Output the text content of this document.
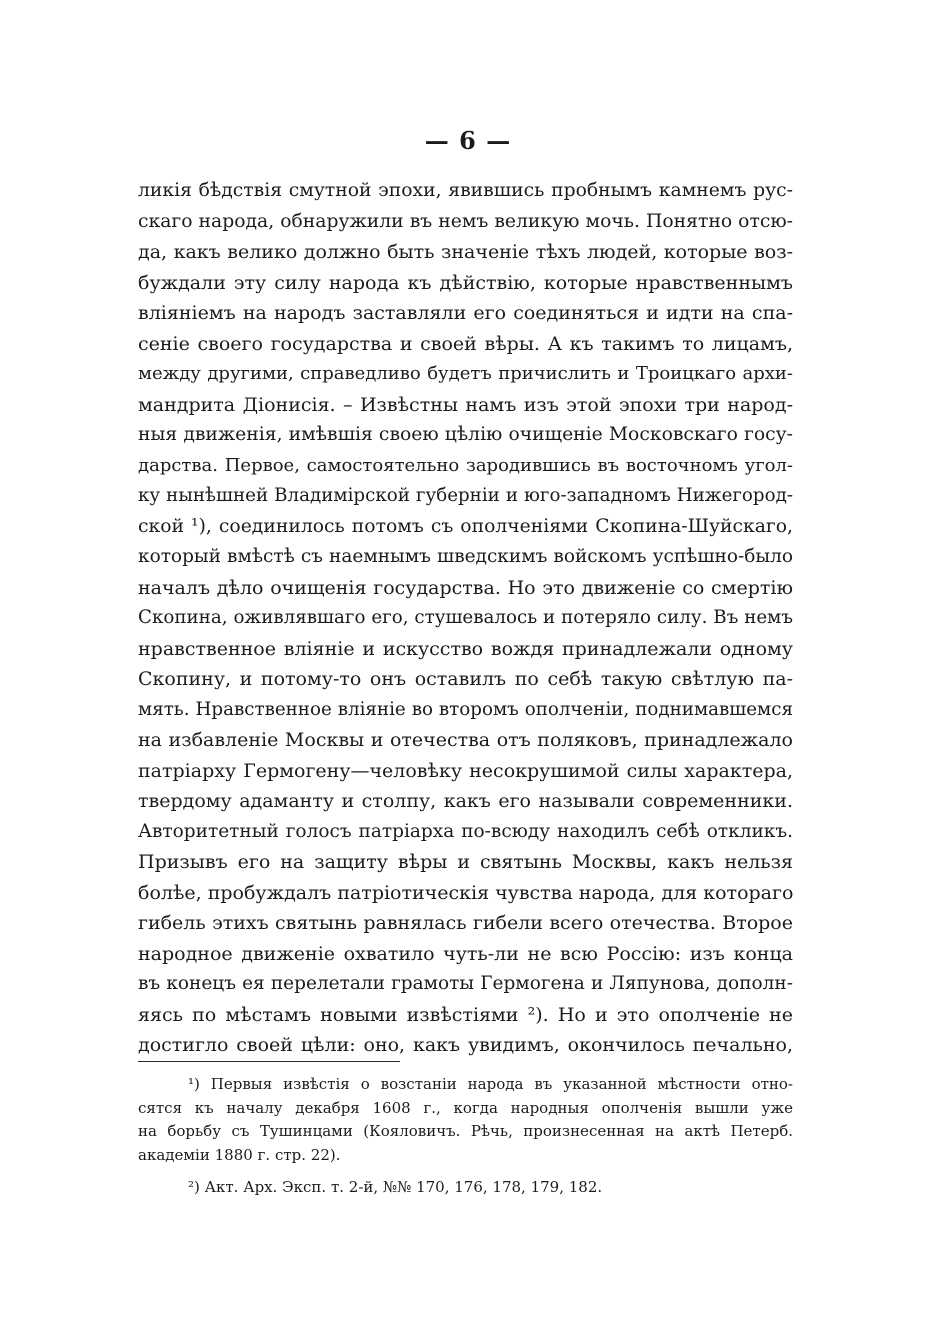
— 6 —
ликія бѣдствія смутной эпохи, явившись пробнымъ камнемъ рус-
скаго народа, обнаружили въ немъ великую мочь. Понятно отсю-
да, какъ велико должно быть значеніе тѣхъ людей, которые воз-
буждали эту силу народа къ дѣйствію, которые нравственнымъ
вліяніемъ на народъ заставляли его соединяться и идти на спа-
сеніе своего государства и своей вѣры. А къ такимъ то лицамъ,
между другими, справедливо будетъ причислить и Троицкаго архи-
мандрита Діонисія. – Извѣстны намъ изъ этой эпохи три народ-
ныя движенія, имѣвшія своею цѣлію очищеніе Московскаго госу-
дарства. Первое, самостоятельно зародившись въ восточномъ угол-
ку нынѣшней Владимірской губерніи и юго-западномъ Нижегород-
ской ¹), соединилось потомъ съ ополченіями Скопина-Шуйскаго,
который вмѣстѣ съ наемнымъ шведскимъ войскомъ успѣшно-было
началъ дѣло очищенія государства. Но это движеніе со смертію
Скопина, оживлявшаго его, стушевалось и потеряло силу. Въ немъ
нравственное вліяніе и искусство вождя принадлежали одному
Скопину, и потому-то онъ оставилъ по себѣ такую свѣтлую па-
мять. Нравственное вліяніе во второмъ ополченіи, поднимавшемся
на избавленіе Москвы и отечества отъ поляковъ, принадлежало
патріарху Гермогену—человѣку несокрушимой силы характера,
твердому адаманту и столпу, какъ его называли современники.
Авторитетный голосъ патріарха по-всюду находилъ себѣ откликъ.
Призывъ его на защиту вѣры и святынь Москвы, какъ нельзя
болѣе, пробуждалъ патріотическія чувства народа, для котораго
гибель этихъ святынь равнялась гибели всего отечества. Второе
народное движеніе охватило чуть-ли не всю Россію: изъ конца
въ конецъ ея перелетали грамоты Гермогена и Ляпунова, дополн-
яясь по мѣстамъ новыми извѣстіями ²). Но и это ополченіе не
достигло своей цѣли: оно, какъ увидимъ, окончилось печально,
¹) Первыя извѣстія о возстаніи народа въ указанной мѣстности отно-
сятся къ началу декабря 1608 г., когда народныя ополченія вышли уже
на борьбу съ Тушинцами (Кояловичъ. Рѣчь, произнесенная на актѣ Петерб.
академіи 1880 г. стр. 22).
²) Акт. Арх. Эксп. т. 2-й, №№ 170, 176, 178, 179, 182.
